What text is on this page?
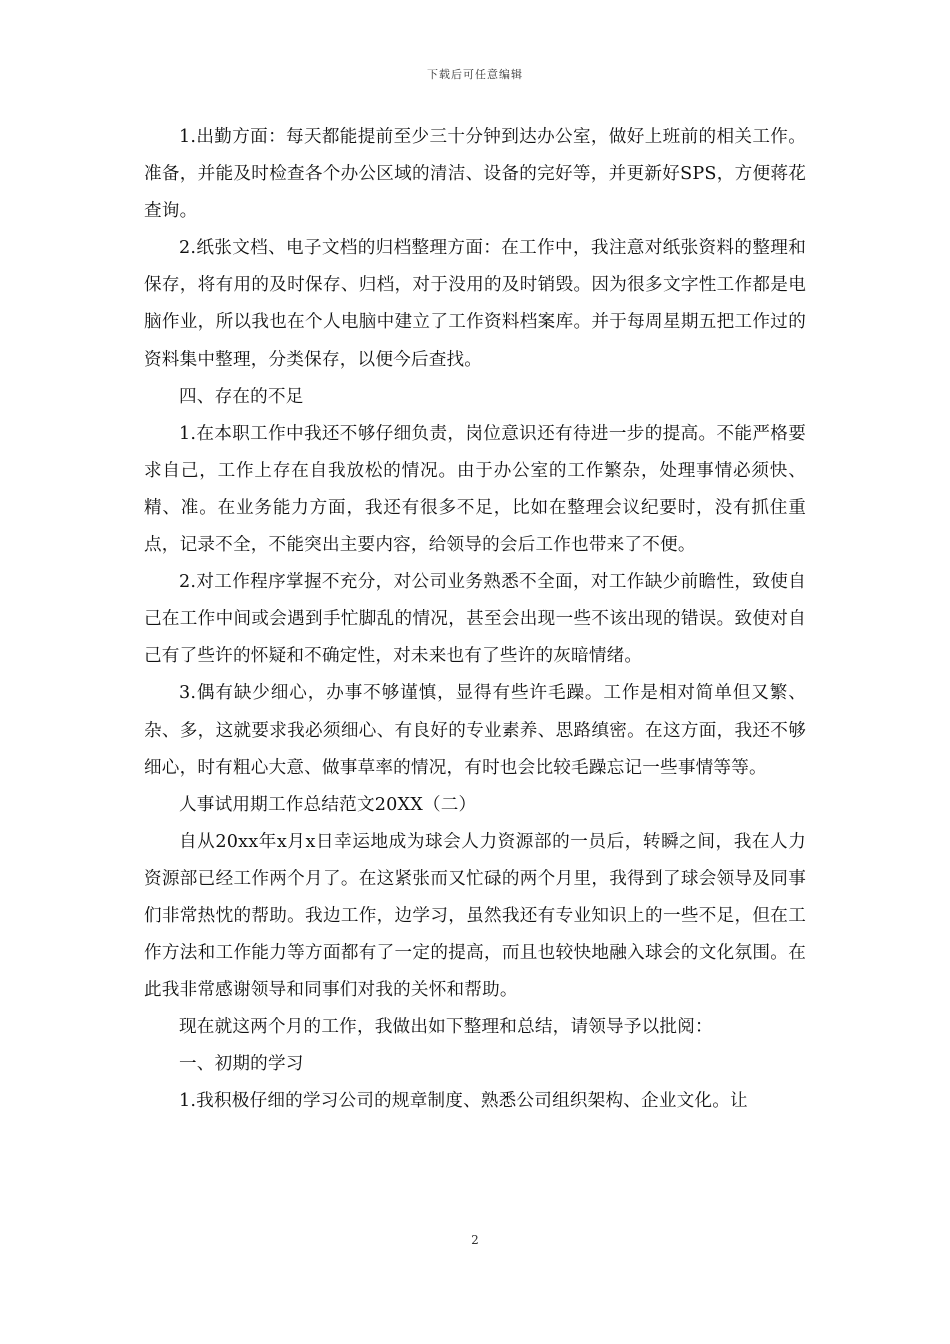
下载后可任意编辑

1.出勤方面：每天都能提前至少三十分钟到达办公室，做好上班前的相关工作。准备，并能及时检查各个办公区域的清洁、设备的完好等，并更新好SPS，方便蒋花查询。

2.纸张文档、电子文档的归档整理方面：在工作中，我注意对纸张资料的整理和保存，将有用的及时保存、归档，对于没用的及时销毁。因为很多文字性工作都是电脑作业，所以我也在个人电脑中建立了工作资料档案库。并于每周星期五把工作过的资料集中整理，分类保存，以便今后查找。

四、存在的不足

1.在本职工作中我还不够仔细负责，岗位意识还有待进一步的提高。不能严格要求自己，工作上存在自我放松的情况。由于办公室的工作繁杂，处理事情必须快、精、准。在业务能力方面，我还有很多不足，比如在整理会议纪要时，没有抓住重点，记录不全，不能突出主要内容，给领导的会后工作也带来了不便。

2.对工作程序掌握不充分，对公司业务熟悉不全面，对工作缺少前瞻性，致使自己在工作中间或会遇到手忙脚乱的情况，甚至会出现一些不该出现的错误。致使对自己有了些许的怀疑和不确定性，对未来也有了些许的灰暗情绪。

3.偶有缺少细心，办事不够谨慎，显得有些许毛躁。工作是相对简单但又繁、杂、多，这就要求我必须细心、有良好的专业素养、思路缜密。在这方面，我还不够细心，时有粗心大意、做事草率的情况，有时也会比较毛躁忘记一些事情等等。

人事试用期工作总结范文20XX（二）

自从20xx年x月x日幸运地成为球会人力资源部的一员后，转瞬之间，我在人力资源部已经工作两个月了。在这紧张而又忙碌的两个月里，我得到了球会领导及同事们非常热忱的帮助。我边工作，边学习，虽然我还有专业知识上的一些不足，但在工作方法和工作能力等方面都有了一定的提高，而且也较快地融入球会的文化氛围。在此我非常感谢领导和同事们对我的关怀和帮助。

现在就这两个月的工作，我做出如下整理和总结，请领导予以批阅：

一、初期的学习

1.我积极仔细的学习公司的规章制度、熟悉公司组织架构、企业文化。让

2
